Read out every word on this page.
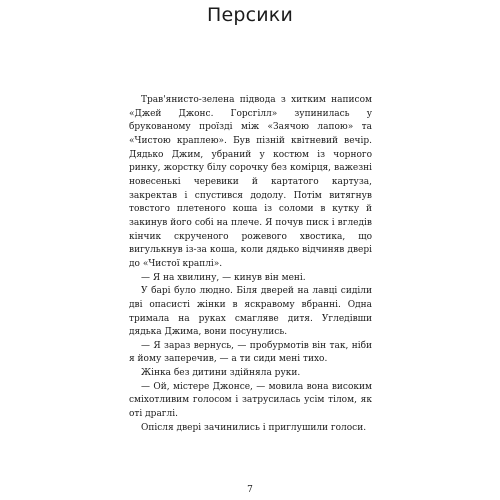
Персики

Трав'янисто-зелена підвода з хитким написом «Джей Джонс. Горсгілл» зупинилась у брукованому проїзді між «Заячою лапою» та «Чистою краплею». Був пізній квітневий вечір. Дядько Джим, убраний у костюм із чорного ринку, жорстку білу сорочку без комірця, важезні новесенькі черевики й картатого картуза, закректав і спустився додолу. Потім витягнув товстого плетеного коша із соломи в кутку й закинув його собі на плече. Я почув писк і вгледів кінчик скрученого рожевого хвостика, що вигулькнув із-за коша, коли дядько відчиняв двері до «Чистої краплі».

— Я на хвилину, — кинув він мені.

У барі було людно. Біля дверей на лавці сиділи дві опасисті жінки в яскравому вбранні. Одна тримала на руках смагляве дитя. Угледівши дядька Джима, вони посунулись.

— Я зараз вернусь, — пробурмотів він так, ніби я йому заперечив, — а ти сиди мені тихо.

Жінка без дитини здійняла руки.

— Ой, містере Джонсе, — мовила вона високим сміхотливим голосом і затрусилась усім тілом, як оті драглі.

Опісля двері зачинились і приглушили голоси.

7
